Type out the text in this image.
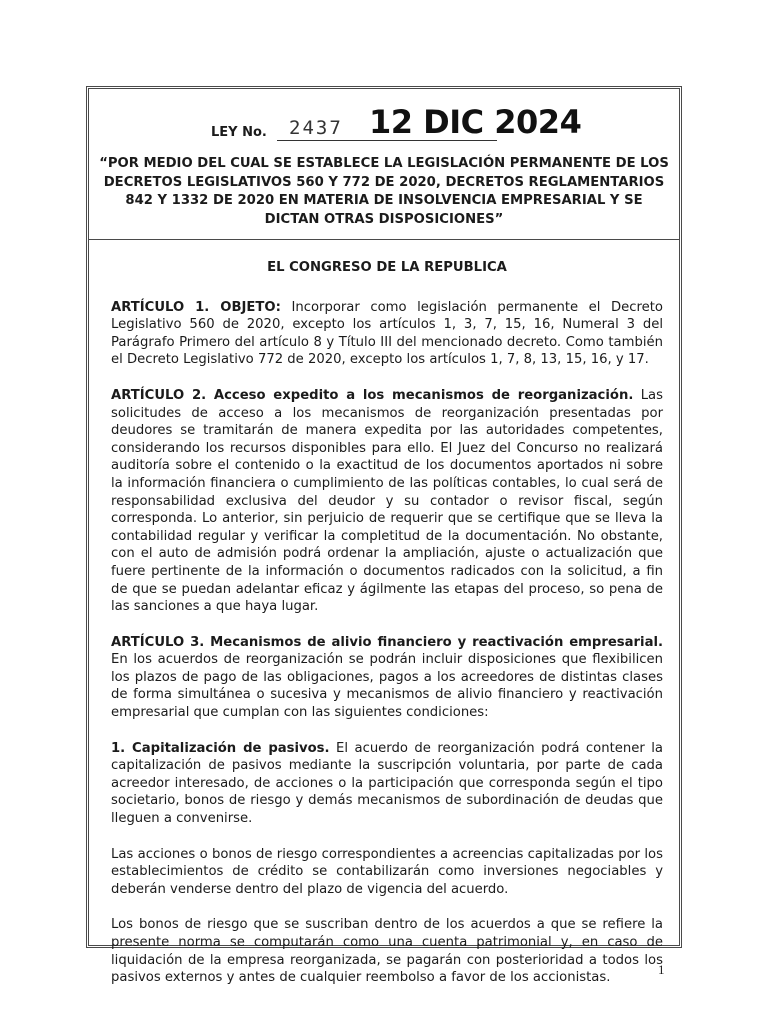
LEY No. 2437 12 DIC 2024
“POR MEDIO DEL CUAL SE ESTABLECE LA LEGISLACIÓN PERMANENTE DE LOS DECRETOS LEGISLATIVOS 560 Y 772 DE 2020, DECRETOS REGLAMENTARIOS 842 Y 1332 DE 2020 EN MATERIA DE INSOLVENCIA EMPRESARIAL Y SE DICTAN OTRAS DISPOSICIONES”
EL CONGRESO DE LA REPUBLICA

ARTÍCULO 1. OBJETO: Incorporar como legislación permanente el Decreto Legislativo 560 de 2020, excepto los artículos 1, 3, 7, 15, 16, Numeral 3 del Parágrafo Primero del artículo 8 y Título III del mencionado decreto. Como también el Decreto Legislativo 772 de 2020, excepto los artículos 1, 7, 8, 13, 15, 16, y 17.

ARTÍCULO 2. Acceso expedito a los mecanismos de reorganización. Las solicitudes de acceso a los mecanismos de reorganización presentadas por deudores se tramitarán de manera expedita por las autoridades competentes, considerando los recursos disponibles para ello. El Juez del Concurso no realizará auditoría sobre el contenido o la exactitud de los documentos aportados ni sobre la información financiera o cumplimiento de las políticas contables, lo cual será de responsabilidad exclusiva del deudor y su contador o revisor fiscal, según corresponda. Lo anterior, sin perjuicio de requerir que se certifique que se lleva la contabilidad regular y verificar la completitud de la documentación. No obstante, con el auto de admisión podrá ordenar la ampliación, ajuste o actualización que fuere pertinente de la información o documentos radicados con la solicitud, a fin de que se puedan adelantar eficaz y ágilmente las etapas del proceso, so pena de las sanciones a que haya lugar.

ARTÍCULO 3. Mecanismos de alivio financiero y reactivación empresarial. En los acuerdos de reorganización se podrán incluir disposiciones que flexibilicen los plazos de pago de las obligaciones, pagos a los acreedores de distintas clases de forma simultánea o sucesiva y mecanismos de alivio financiero y reactivación empresarial que cumplan con las siguientes condiciones:

1. Capitalización de pasivos. El acuerdo de reorganización podrá contener la capitalización de pasivos mediante la suscripción voluntaria, por parte de cada acreedor interesado, de acciones o la participación que corresponda según el tipo societario, bonos de riesgo y demás mecanismos de subordinación de deudas que lleguen a convenirse.

Las acciones o bonos de riesgo correspondientes a acreencias capitalizadas por los establecimientos de crédito se contabilizarán como inversiones negociables y deberán venderse dentro del plazo de vigencia del acuerdo.

Los bonos de riesgo que se suscriban dentro de los acuerdos a que se refiere la presente norma se computarán como una cuenta patrimonial y, en caso de liquidación de la empresa reorganizada, se pagarán con posterioridad a todos los pasivos externos y antes de cualquier reembolso a favor de los accionistas.

1
